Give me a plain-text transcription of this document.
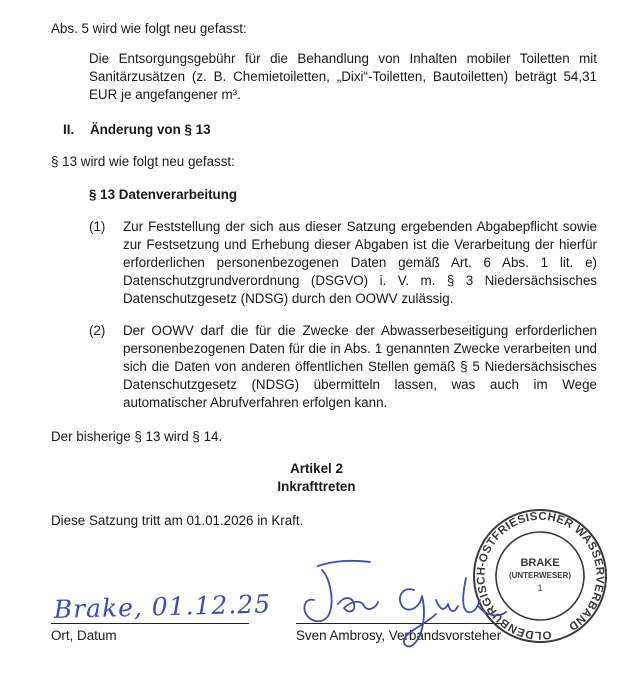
Abs. 5 wird wie folgt neu gefasst:
Die Entsorgungsgebühr für die Behandlung von Inhalten mobiler Toiletten mit Sanitärzusätzen (z. B. Chemietoiletten, „Dixi“-Toiletten, Bautoiletten) beträgt 54,31 EUR je angefangener m³.
II. Änderung von § 13
§ 13 wird wie folgt neu gefasst:
§ 13 Datenverarbeitung
(1) Zur Feststellung der sich aus dieser Satzung ergebenden Abgabepflicht sowie zur Festsetzung und Erhebung dieser Abgaben ist die Verarbeitung der hierfür erforderlichen personenbezogenen Daten gemäß Art. 6 Abs. 1 lit. e) Datenschutzgrundverordnung (DSGVO) i. V. m. § 3 Niedersächsisches Datenschutzgesetz (NDSG) durch den OOWV zulässig.
(2) Der OOWV darf die für die Zwecke der Abwasserbeseitigung erforderlichen personenbezogenen Daten für die in Abs. 1 genannten Zwecke verarbeiten und sich die Daten von anderen öffentlichen Stellen gemäß § 5 Niedersächsisches Datenschutzgesetz (NDSG) übermitteln lassen, was auch im Wege automatischer Abrufverfahren erfolgen kann.
Der bisherige § 13 wird § 14.
Artikel 2
Inkrafttreten
Diese Satzung tritt am 01.01.2026 in Kraft.
Ort, Datum	Sven Ambrosy, Verbandsvorsteher	OLDENBURGISCH-OSTFRIESISCHER WASSERVERBAND
BRAKE
(UNTERWESER)
1
Brake, 01.12.25
